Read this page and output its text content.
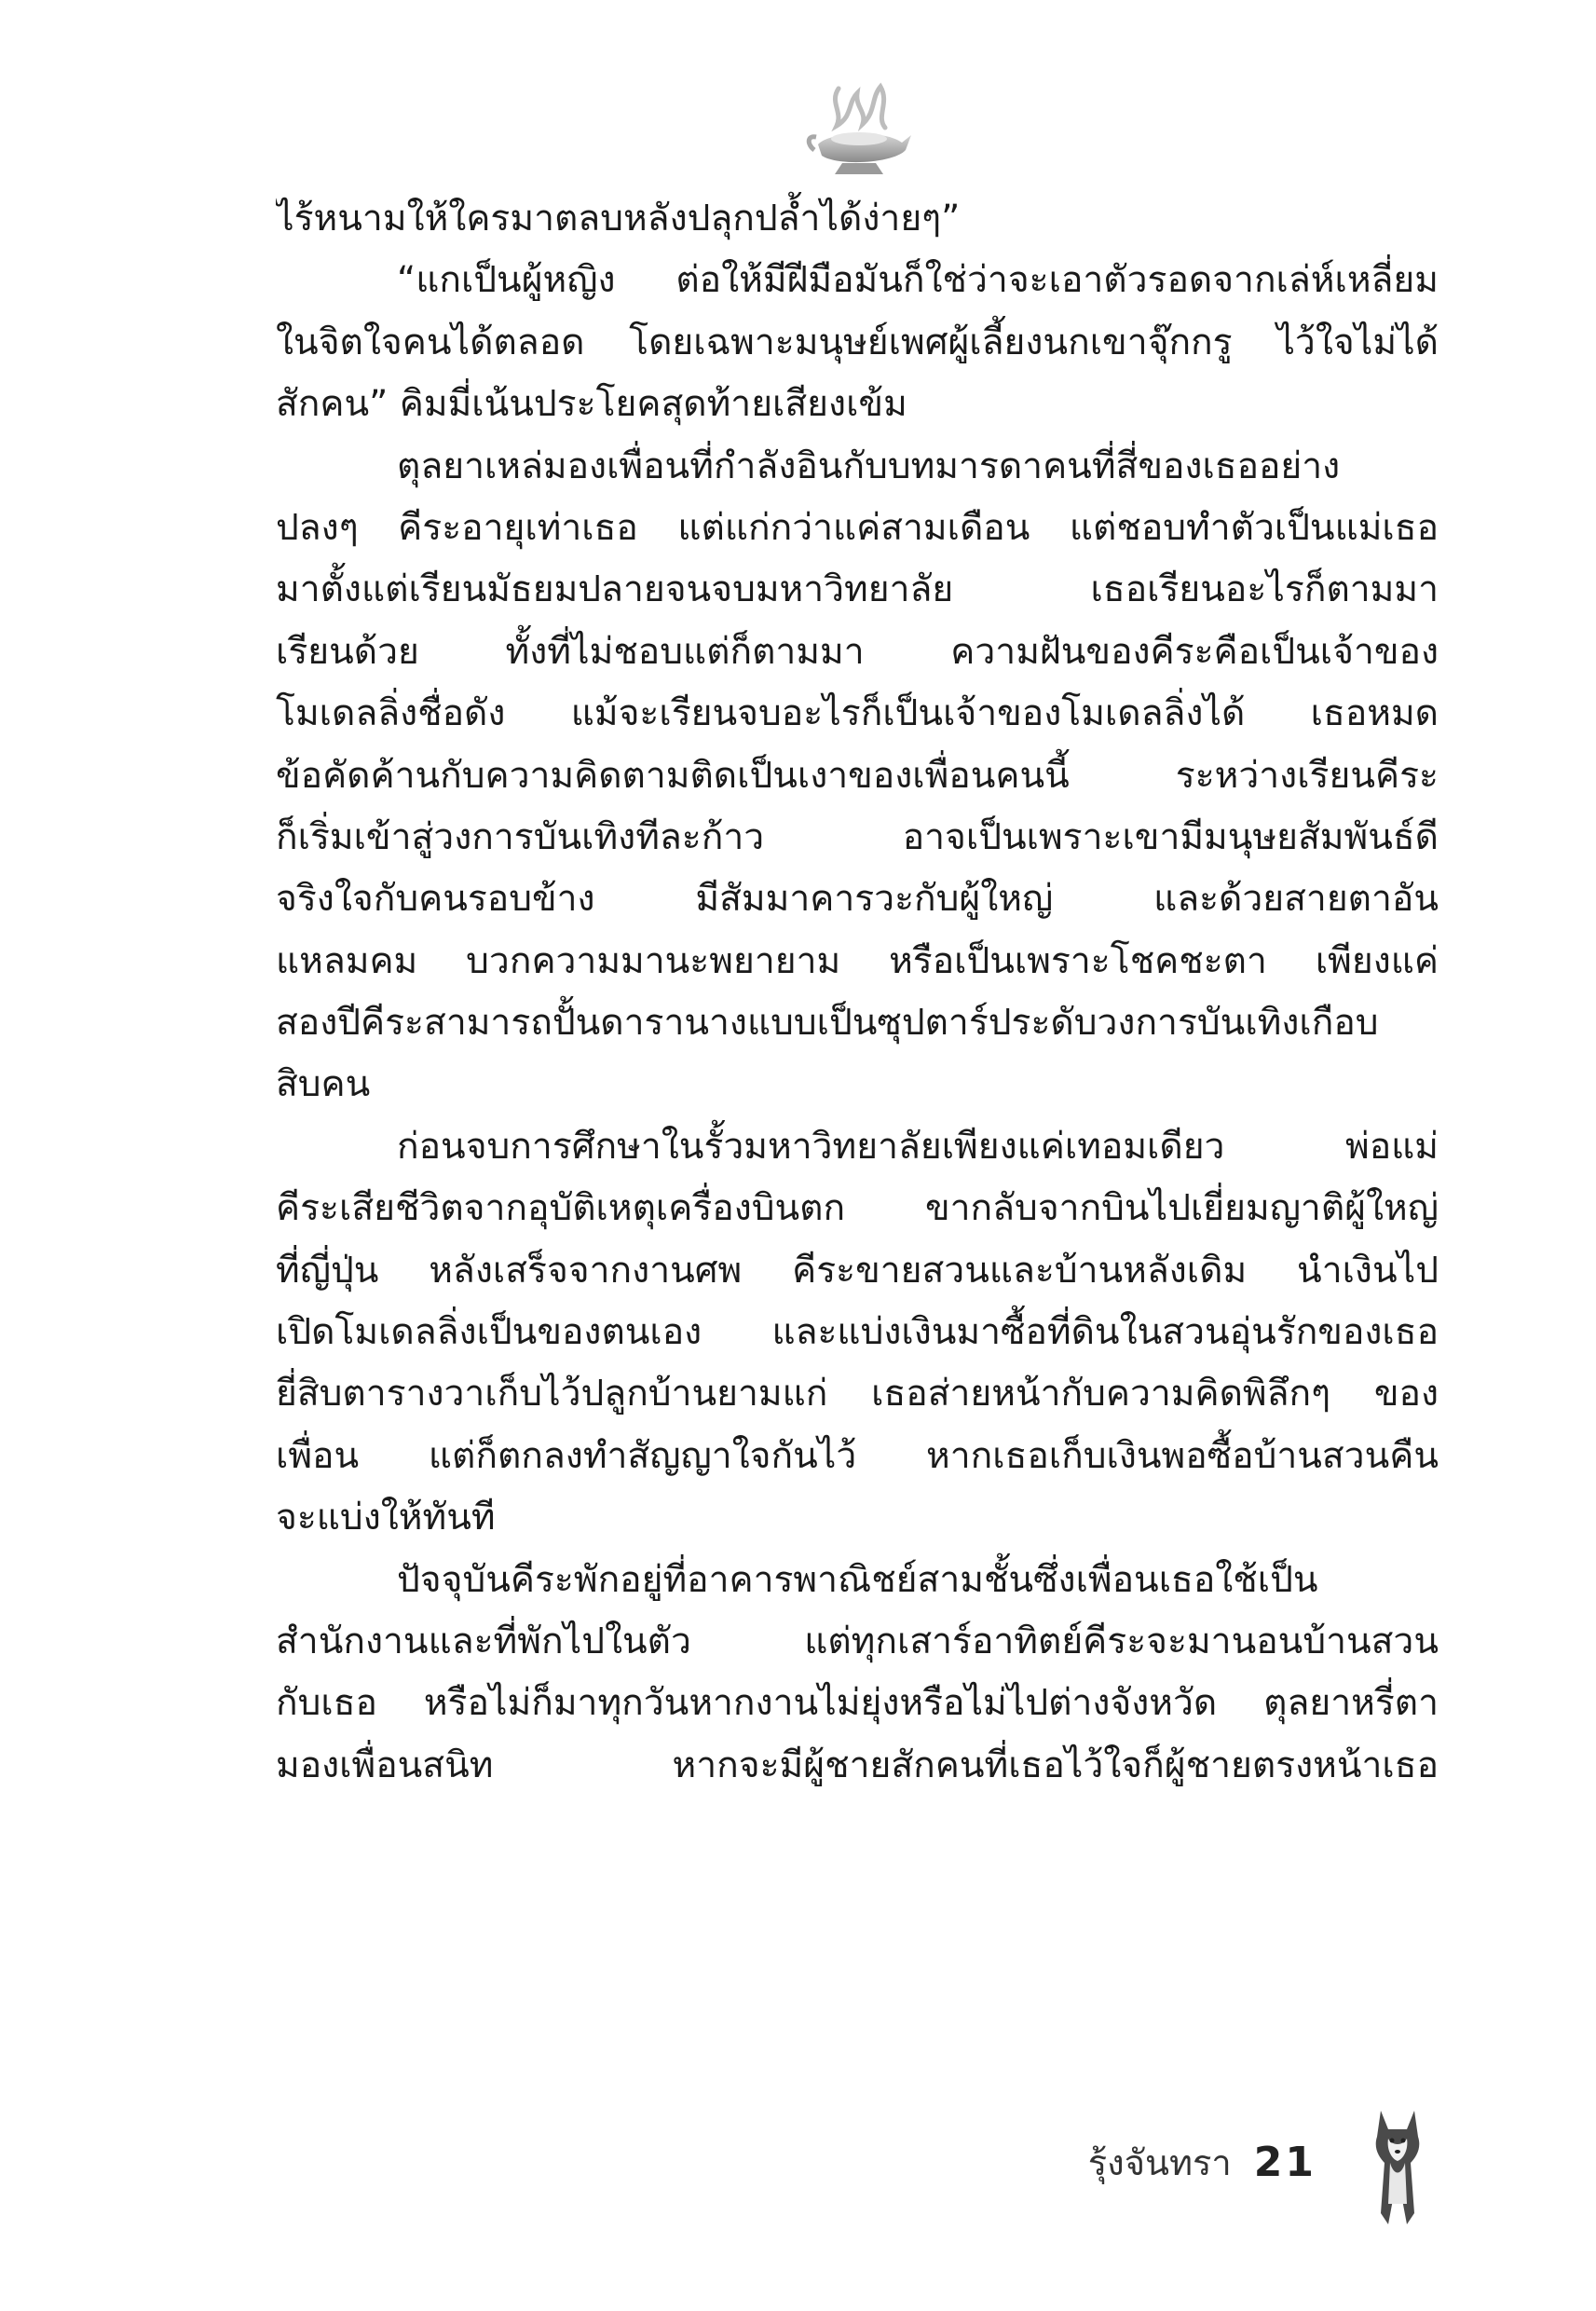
ไร้หนามให้ใครมาตลบหลังปลุกปล้ำได้ง่ายๆ”
“แกเป็นผู้หญิง ต่อให้มีฝีมือมันก็ใช่ว่าจะเอาตัวรอดจากเล่ห์เหลี่ยม
ในจิตใจคนได้ตลอด โดยเฉพาะมนุษย์เพศผู้เลี้ยงนกเขาจุ๊กกรู ไว้ใจไม่ได้
สักคน” คิมมี่เน้นประโยคสุดท้ายเสียงเข้ม
ตุลยาเหล่มองเพื่อนที่กำลังอินกับบทมารดาคนที่สี่ของเธออย่าง
ปลงๆ คีระอายุเท่าเธอ แต่แก่กว่าแค่สามเดือน แต่ชอบทำตัวเป็นแม่เธอ
มาตั้งแต่เรียนมัธยมปลายจนจบมหาวิทยาลัย เธอเรียนอะไรก็ตามมา
เรียนด้วย ทั้งที่ไม่ชอบแต่ก็ตามมา ความฝันของคีระคือเป็นเจ้าของ
โมเดลลิ่งชื่อดัง แม้จะเรียนจบอะไรก็เป็นเจ้าของโมเดลลิ่งได้ เธอหมด
ข้อคัดค้านกับความคิดตามติดเป็นเงาของเพื่อนคนนี้ ระหว่างเรียนคีระ
ก็เริ่มเข้าสู่วงการบันเทิงทีละก้าว อาจเป็นเพราะเขามีมนุษยสัมพันธ์ดี
จริงใจกับคนรอบข้าง มีสัมมาคารวะกับผู้ใหญ่ และด้วยสายตาอัน
แหลมคม บวกความมานะพยายาม หรือเป็นเพราะโชคชะตา เพียงแค่
สองปีคีระสามารถปั้นดารานางแบบเป็นซุปตาร์ประดับวงการบันเทิงเกือบ
สิบคน
ก่อนจบการศึกษาในรั้วมหาวิทยาลัยเพียงแค่เทอมเดียว พ่อแม่
คีระเสียชีวิตจากอุบัติเหตุเครื่องบินตก ขากลับจากบินไปเยี่ยมญาติผู้ใหญ่
ที่ญี่ปุ่น หลังเสร็จจากงานศพ คีระขายสวนและบ้านหลังเดิม นำเงินไป
เปิดโมเดลลิ่งเป็นของตนเอง และแบ่งเงินมาซื้อที่ดินในสวนอุ่นรักของเธอ
ยี่สิบตารางวาเก็บไว้ปลูกบ้านยามแก่ เธอส่ายหน้ากับความคิดพิลึกๆ ของ
เพื่อน แต่ก็ตกลงทำสัญญาใจกันไว้ หากเธอเก็บเงินพอซื้อบ้านสวนคืน
จะแบ่งให้ทันที
ปัจจุบันคีระพักอยู่ที่อาคารพาณิชย์สามชั้นซึ่งเพื่อนเธอใช้เป็น
สำนักงานและที่พักไปในตัว แต่ทุกเสาร์อาทิตย์คีระจะมานอนบ้านสวน
กับเธอ หรือไม่ก็มาทุกวันหากงานไม่ยุ่งหรือไม่ไปต่างจังหวัด ตุลยาหรี่ตา
มองเพื่อนสนิท หากจะมีผู้ชายสักคนที่เธอไว้ใจก็ผู้ชายตรงหน้าเธอ
รุ้งจันทรา 21
